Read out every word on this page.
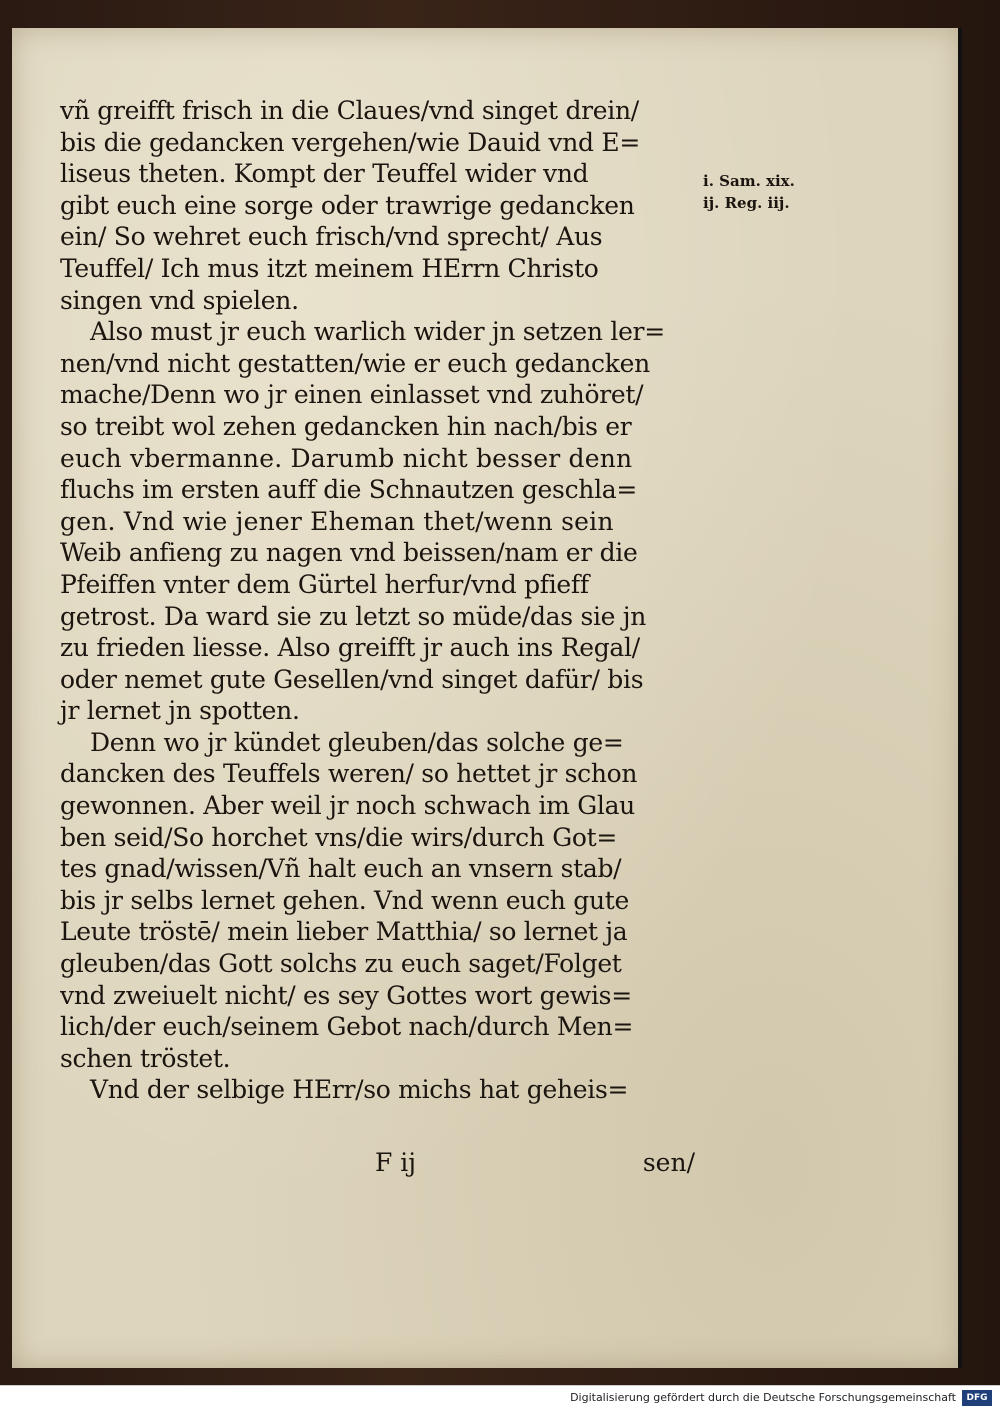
vñ greifft frisch in die Claues/vnd singet drein/
bis die gedancken vergehen/wie Dauid vnd E=
liseus theten. Kompt der Teuffel wider vnd
gibt euch eine sorge oder trawrige gedancken
ein/ So wehret euch frisch/vnd sprecht/ Aus
Teuffel/ Ich mus itzt meinem HErrn Christo
singen vnd spielen.
Also must jr euch warlich wider jn setzen ler=
nen/vnd nicht gestatten/wie er euch gedancken
mache/Denn wo jr einen einlasset vnd zuhöret/
so treibt wol zehen gedancken hin nach/bis er
euch vbermanne. Darumb nicht besser denn
fluchs im ersten auff die Schnautzen geschla=
gen. Vnd wie jener Eheman thet/wenn sein
Weib anfieng zu nagen vnd beissen/nam er die
Pfeiffen vnter dem Gürtel herfur/vnd pfieff
getrost. Da ward sie zu letzt so müde/das sie jn
zu frieden liesse. Also greifft jr auch ins Regal/
oder nemet gute Gesellen/vnd singet dafür/ bis
jr lernet jn spotten.
Denn wo jr kündet gleuben/das solche ge=
dancken des Teuffels weren/ so hettet jr schon
gewonnen. Aber weil jr noch schwach im Glau
ben seid/So horchet vns/die wirs/durch Got=
tes gnad/wissen/Vñ halt euch an vnsern stab/
bis jr selbs lernet gehen. Vnd wenn euch gute
Leute tröstē/ mein lieber Matthia/ so lernet ja
gleuben/das Gott solchs zu euch saget/Folget
vnd zweiuelt nicht/ es sey Gottes wort gewis=
lich/der euch/seinem Gebot nach/durch Men=
schen tröstet.
Vnd der selbige HErr/so michs hat geheis=
i. Sam. xix.
ij. Reg. iij.
F ij	sen/
Digitalisierung gefördert durch die Deutsche Forschungsgemeinschaft DFG
